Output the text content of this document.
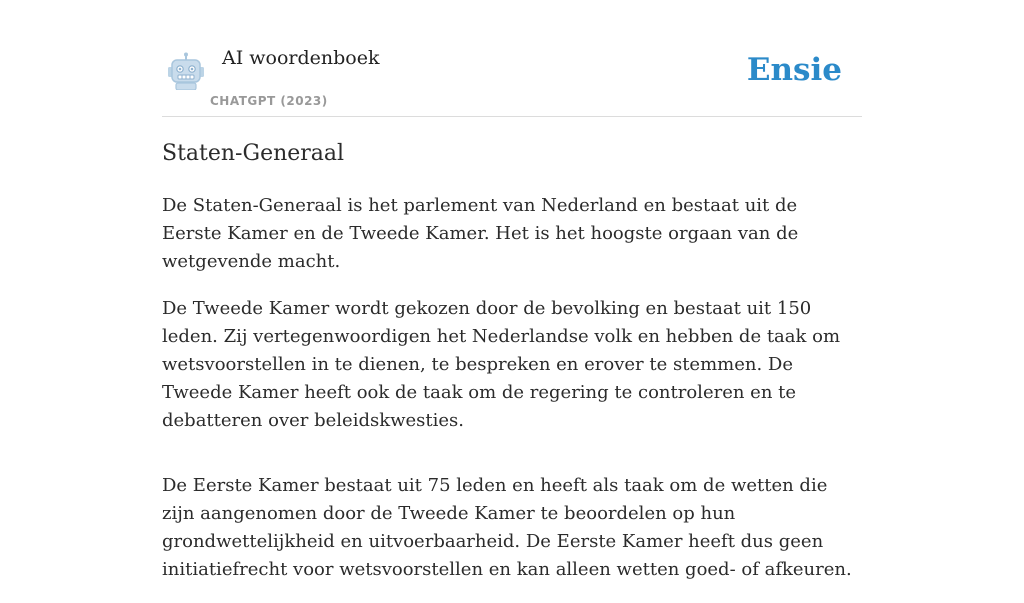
AI woordenboek
CHATGPT (2023)
Ensie
Staten-Generaal

De Staten-Generaal is het parlement van Nederland en bestaat uit de Eerste Kamer en de Tweede Kamer. Het is het hoogste orgaan van de wetgevende macht.

De Tweede Kamer wordt gekozen door de bevolking en bestaat uit 150 leden. Zij vertegenwoordigen het Nederlandse volk en hebben de taak om wetsvoorstellen in te dienen, te bespreken en erover te stemmen. De Tweede Kamer heeft ook de taak om de regering te controleren en te debatteren over beleidskwesties.

De Eerste Kamer bestaat uit 75 leden en heeft als taak om de wetten die zijn aangenomen door de Tweede Kamer te beoordelen op hun grondwettelijkheid en uitvoerbaarheid. De Eerste Kamer heeft dus geen initiatiefrecht voor wetsvoorstellen en kan alleen wetten goed- of afkeuren.
